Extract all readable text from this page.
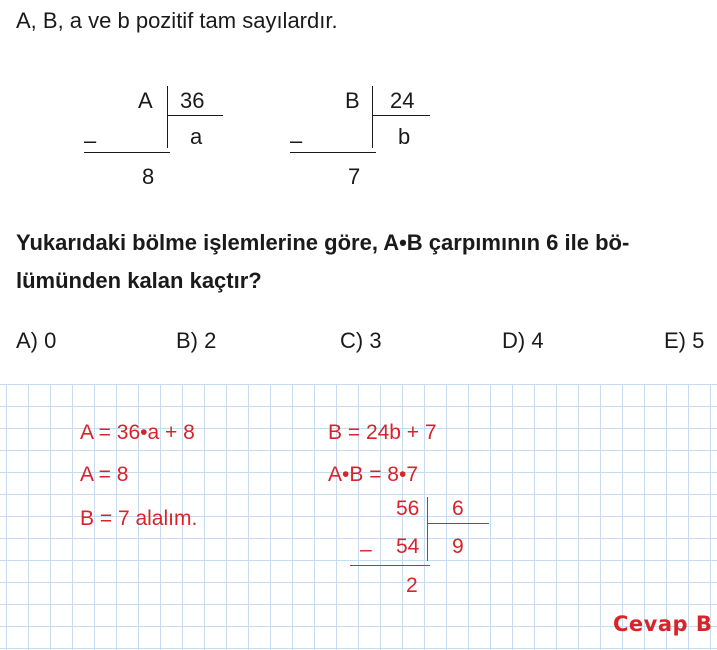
A, B, a ve b pozitif tam sayılardır.
A 36
a
8
–
B 24
b
7
–
Yukarıdaki bölme işlemlerine göre, A•B çarpımının 6 ile bö-
lümünden kalan kaçtır?
A) 0	B) 2	C) 3	D) 4	E) 5
A = 36•a + 8
A = 8
B = 7 alalım.
B = 24b + 7
A•B = 8•7
56 6
54 9
2
–
Cevap B
